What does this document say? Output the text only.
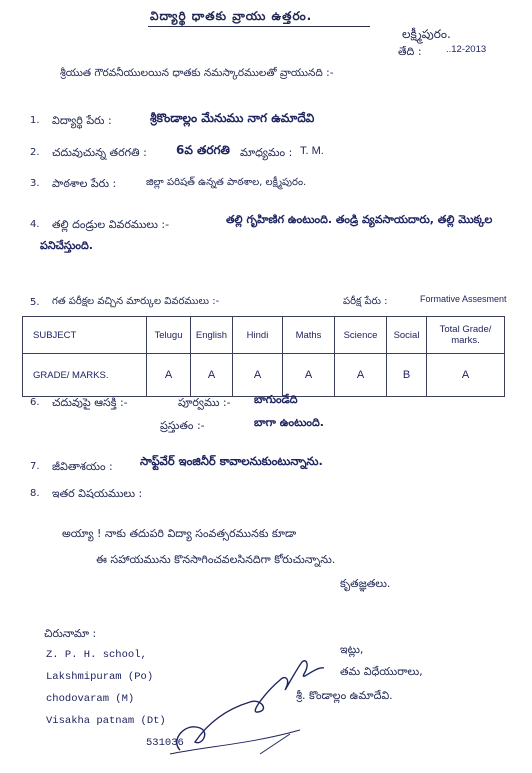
విద్యార్థి ధాతకు వ్రాయు ఉత్తరం.
లక్ష్మీపురం.
తేది :	..12-2013
శ్రీయుత గౌరవనీయులయిన ధాతకు నమస్కారములతో వ్రాయునది :-
1. విద్యార్థి పేరు :	శ్రీకొండాల్లం మేనుము నాగ ఉమాదేవి
2. చదువుచున్న తరగతి : 6వ తరగతి మాధ్యమం : T. M.
3. పాఠశాల పేరు :	జిల్లా పరిషత్ ఉన్నత పాఠశాల, లక్ష్మీపురం.
4. తల్లి దండ్రుల వివరములు :-	తల్లి గృహిణిగ ఉంటుంది. తండ్రి వ్యవసాయదారు, తల్లి మొక్కల
పనిచేస్తుంది.
5. గత పరీక్షల వచ్చిన మార్కుల వివరములు :-	పరీక్ష పేరు :	Formative Assesment
SUBJECT	Telugu	English	Hindi	Maths	Science	Social	Total Grade/ marks.
GRADE/ MARKS.	A	A	A	A	A	B	A
6. చదువుపై ఆసక్తి :-	పూర్వము :- బాగుండేది
ప్రస్తుతం :-	బాగా ఉంటుంది.
7. జీవితాశయం : సాఫ్ట్‌వేర్ ఇంజినీర్ కావాలనుకుంటున్నాను.
8. ఇతర విషయములు :
అయ్యా ! నాకు తదుపరి విద్యా సంవత్సరమునకు కూడా
ఈ సహాయమును కొనసాగించవలసినదిగా కోరుచున్నాను.
కృతజ్ఞతలు.
చిరునామా :
Z. P. H. school,
Lakshmipuram (Po)
chodovaram (M)
Visakha patnam (Dt)
531036
ఇట్లు,
తమ విధేయురాలు,
శ్రీ. కొండాల్లం ఉమాదేవి.
